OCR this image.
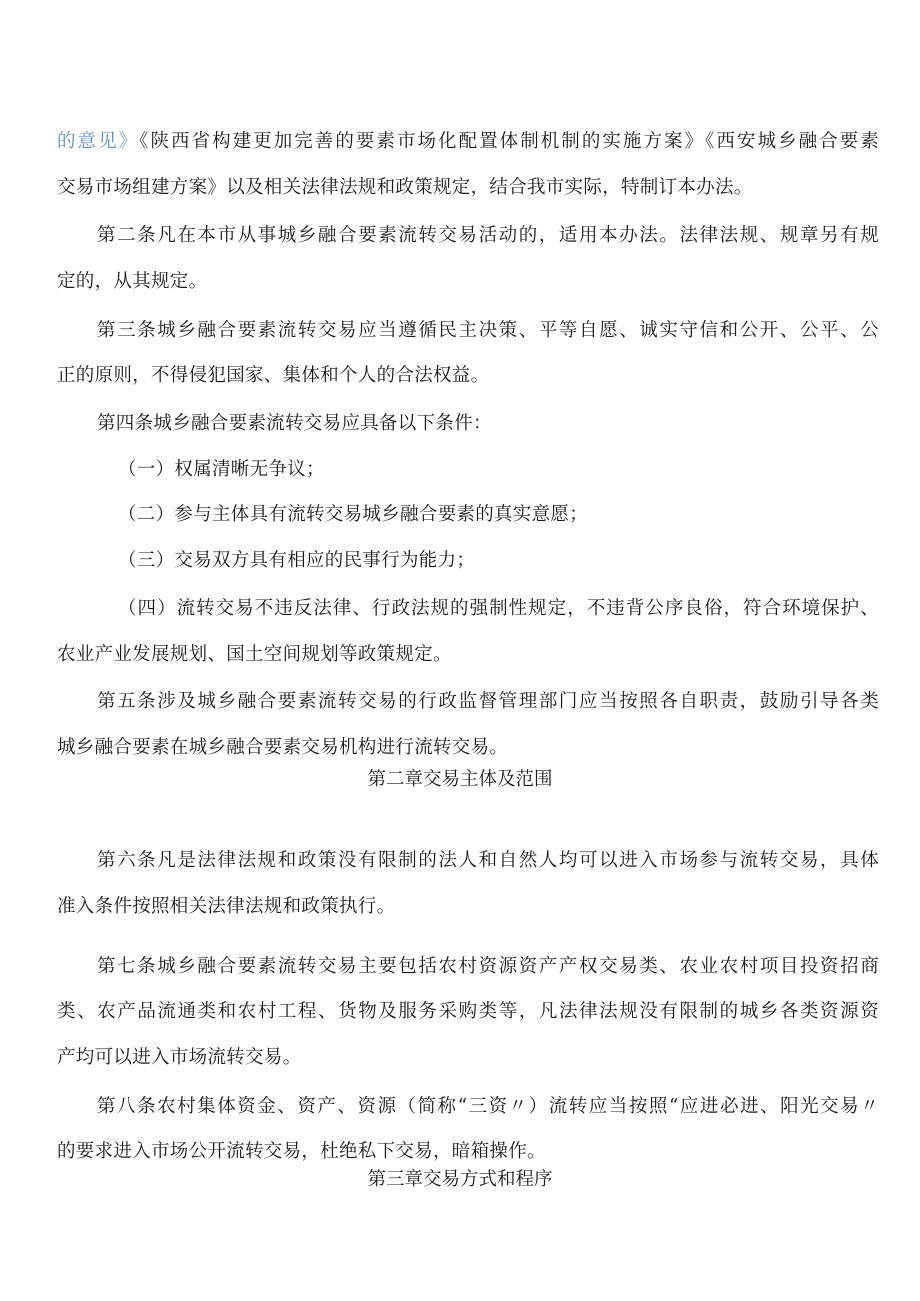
的意见》《陕西省构建更加完善的要素市场化配置体制机制的实施方案》《西安城乡融合要素
交易市场组建方案》以及相关法律法规和政策规定，结合我市实际，特制订本办法。
第二条凡在本市从事城乡融合要素流转交易活动的，适用本办法。法律法规、规章另有规
定的，从其规定。
第三条城乡融合要素流转交易应当遵循民主决策、平等自愿、诚实守信和公开、公平、公
正的原则，不得侵犯国家、集体和个人的合法权益。
第四条城乡融合要素流转交易应具备以下条件：
（一）权属清晰无争议；
（二）参与主体具有流转交易城乡融合要素的真实意愿；
（三）交易双方具有相应的民事行为能力；
（四）流转交易不违反法律、行政法规的强制性规定，不违背公序良俗，符合环境保护、
农业产业发展规划、国土空间规划等政策规定。
第五条涉及城乡融合要素流转交易的行政监督管理部门应当按照各自职责，鼓励引导各类
城乡融合要素在城乡融合要素交易机构进行流转交易。
第二章交易主体及范围
第六条凡是法律法规和政策没有限制的法人和自然人均可以进入市场参与流转交易，具体
准入条件按照相关法律法规和政策执行。
第七条城乡融合要素流转交易主要包括农村资源资产产权交易类、农业农村项目投资招商
类、农产品流通类和农村工程、货物及服务采购类等，凡法律法规没有限制的城乡各类资源资
产均可以进入市场流转交易。
第八条农村集体资金、资产、资源（简称“三资〃）流转应当按照“应进必进、阳光交易〃
的要求进入市场公开流转交易，杜绝私下交易，暗箱操作。
第三章交易方式和程序
